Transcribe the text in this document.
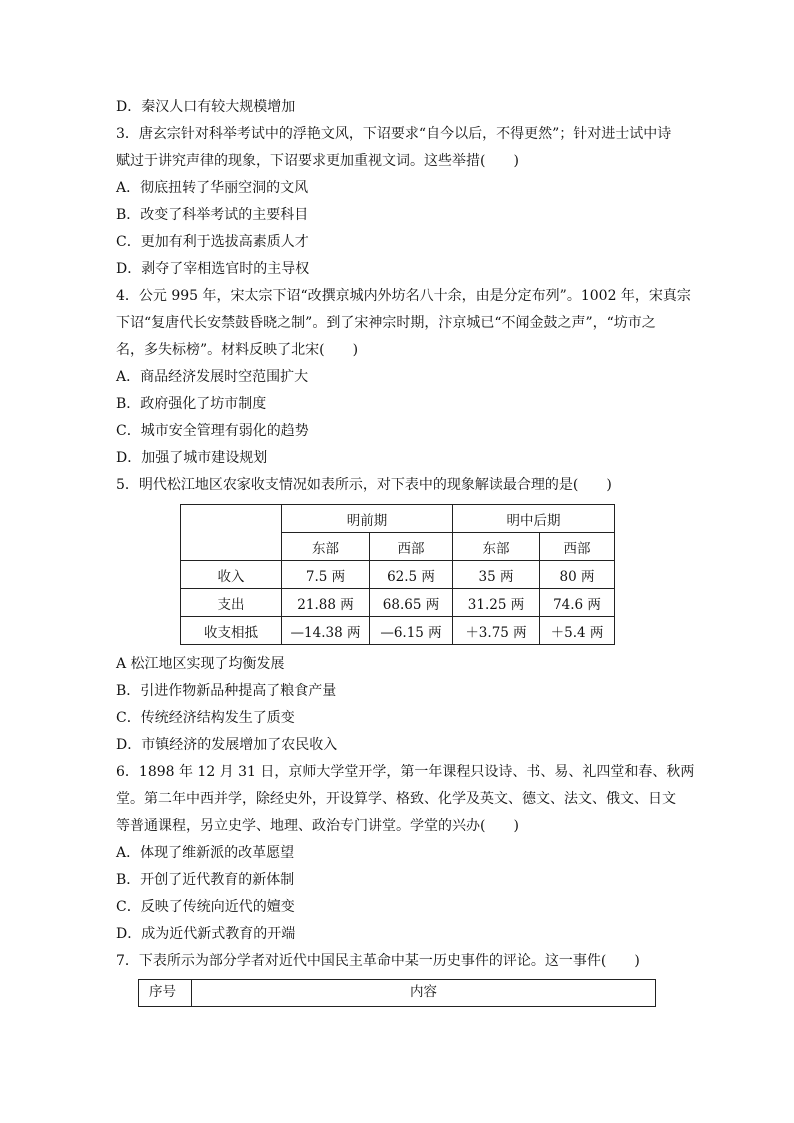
D．秦汉人口有较大规模增加
3．唐玄宗针对科举考试中的浮艳文风，下诏要求“自今以后，不得更然”；针对进士试中诗
赋过于讲究声律的现象，下诏要求更加重视文词。这些举措(　　)
A．彻底扭转了华丽空洞的文风
B．改变了科举考试的主要科目
C．更加有利于选拔高素质人才
D．剥夺了宰相选官时的主导权
4．公元 995 年，宋太宗下诏“改撰京城内外坊名八十余，由是分定布列”。1002 年，宋真宗
下诏“复唐代长安禁鼓昏晓之制”。到了宋神宗时期，汴京城已“不闻金鼓之声”，“坊市之
名，多失标榜”。材料反映了北宋(　　)
A．商品经济发展时空范围扩大
B．政府强化了坊市制度
C．城市安全管理有弱化的趋势
D．加强了城市建设规划
5．明代松江地区农家收支情况如表所示，对下表中的现象解读最合理的是(　　)
	明前期		明中后期	
	东部	西部	东部	西部
收入	7.5 两	62.5 两	35 两	80 两
支出	21.88 两	68.65 两	31.25 两	74.6 两
收支相抵	—14.38 两	—6.15 两	＋3.75 两	＋5.4 两
A 松江地区实现了均衡发展
B．引进作物新品种提高了粮食产量
C．传统经济结构发生了质变
D．市镇经济的发展增加了农民收入
6．1898 年 12 月 31 日，京师大学堂开学，第一年课程只设诗、书、易、礼四堂和春、秋两
堂。第二年中西并学，除经史外，开设算学、格致、化学及英文、德文、法文、俄文、日文
等普通课程，另立史学、地理、政治专门讲堂。学堂的兴办(　　)
A．体现了维新派的改革愿望
B．开创了近代教育的新体制
C．反映了传统向近代的嬗变
D．成为近代新式教育的开端
7．下表所示为部分学者对近代中国民主革命中某一历史事件的评论。这一事件(　　)
序号	内容
